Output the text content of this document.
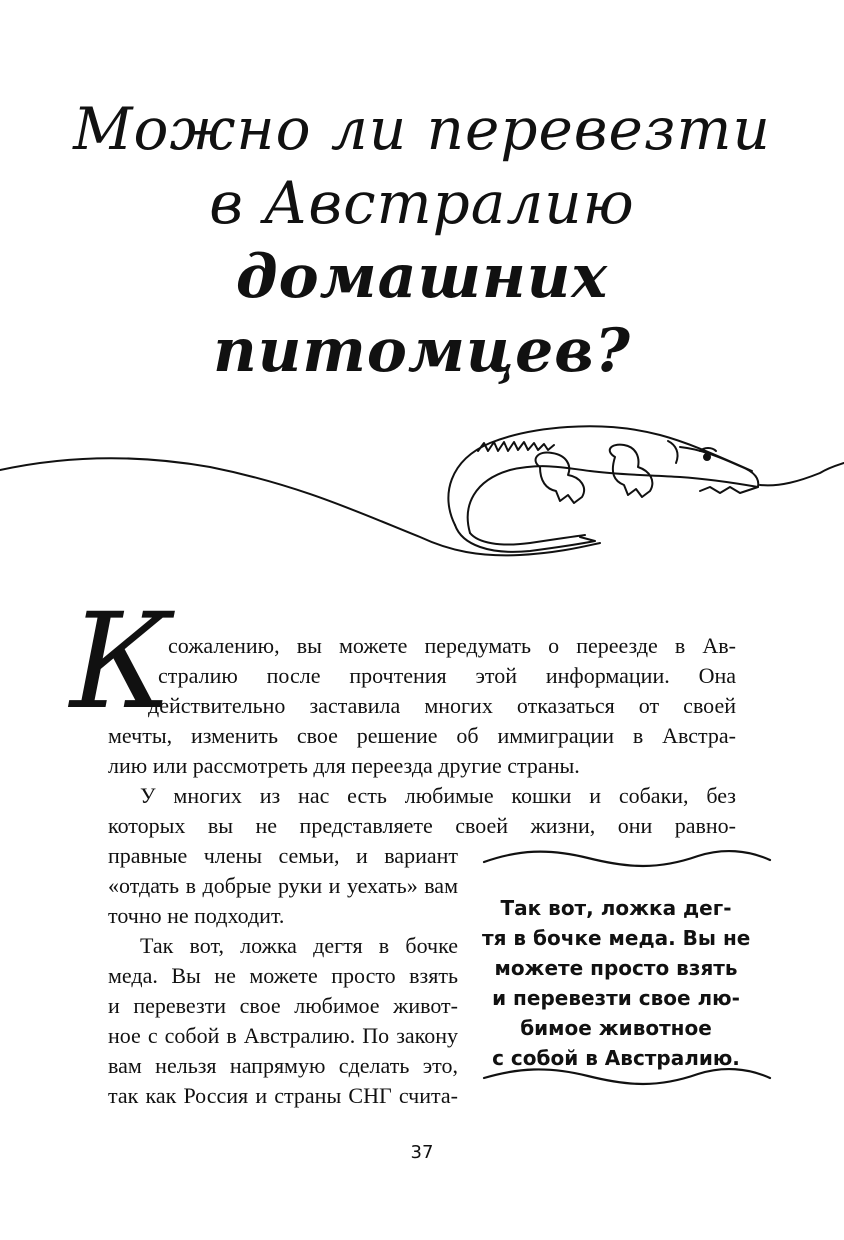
Можно ли перевезти
в Австралию
домашних
питомцев?
К
сожалению, вы можете передумать о переезде в Ав-
стралию после прочтения этой информации. Она
действительно заставила многих отказаться от своей
мечты, изменить свое решение об иммиграции в Австра-
лию или рассмотреть для переезда другие страны.
У многих из нас есть любимые кошки и собаки, без
которых вы не представляете своей жизни, они равно-
правные члены семьи, и вариант
«отдать в добрые руки и уехать» вам
точно не подходит.
Так вот, ложка дегтя в бочке
меда. Вы не можете просто взять
и перевезти свое любимое живот-
ное с собой в Австралию. По закону
вам нельзя напрямую сделать это,
так как Россия и страны СНГ счита-
Так вот, ложка дег-
тя в бочке меда. Вы не
можете просто взять
и перевезти свое лю-
бимое животное
с собой в Австралию.
37
